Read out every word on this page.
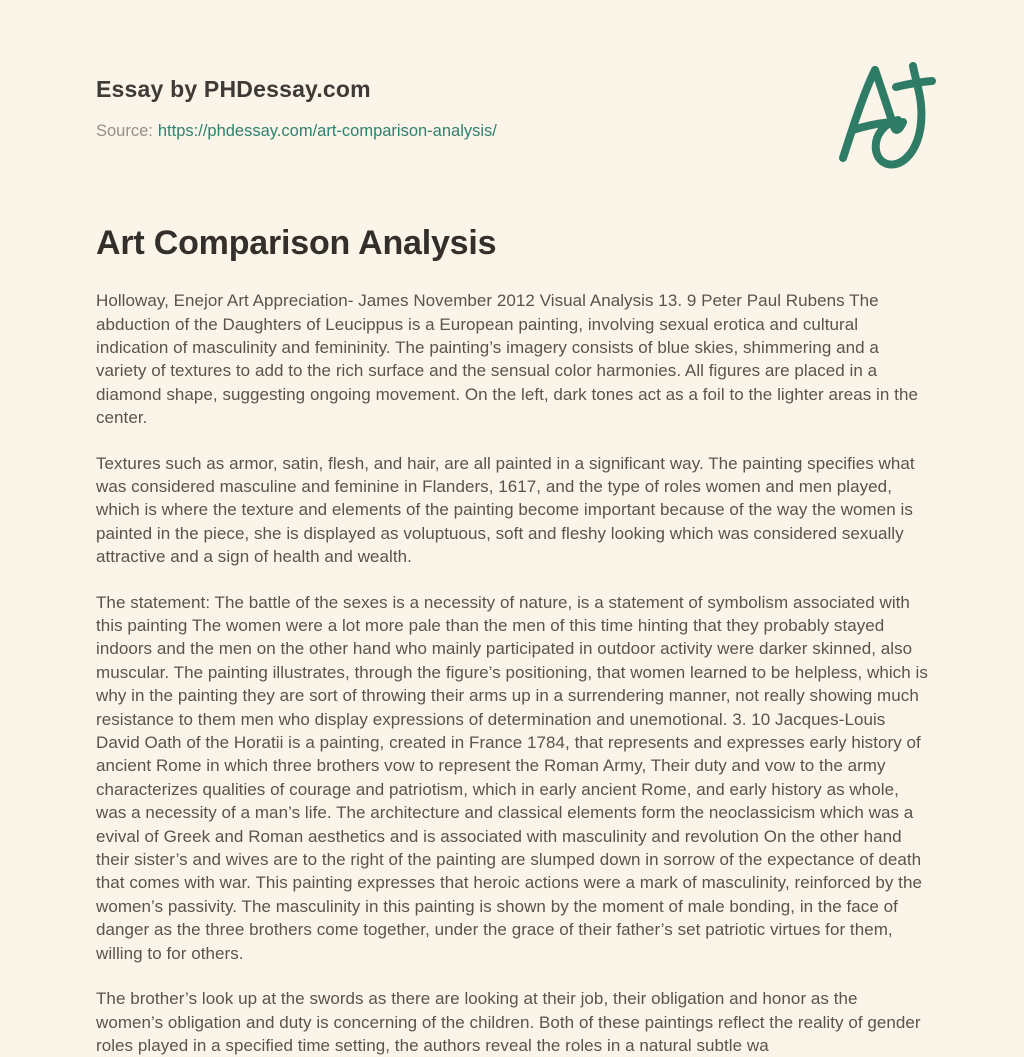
Essay by PHDessay.com
Source: https://phdessay.com/art-comparison-analysis/
Art Comparison Analysis

Holloway, Enejor Art Appreciation- James November 2012 Visual Analysis 13. 9 Peter Paul Rubens The abduction of the Daughters of Leucippus is a European painting, involving sexual erotica and cultural indication of masculinity and femininity. The painting’s imagery consists of blue skies, shimmering and a variety of textures to add to the rich surface and the sensual color harmonies. All figures are placed in a diamond shape, suggesting ongoing movement. On the left, dark tones act as a foil to the lighter areas in the center.

Textures such as armor, satin, flesh, and hair, are all painted in a significant way. The painting specifies what was considered masculine and feminine in Flanders, 1617, and the type of roles women and men played, which is where the texture and elements of the painting become important because of the way the women is painted in the piece, she is displayed as voluptuous, soft and fleshy looking which was considered sexually attractive and a sign of health and wealth.

The statement: The battle of the sexes is a necessity of nature, is a statement of symbolism associated with this painting The women were a lot more pale than the men of this time hinting that they probably stayed indoors and the men on the other hand who mainly participated in outdoor activity were darker skinned, also muscular. The painting illustrates, through the figure’s positioning, that women learned to be helpless, which is why in the painting they are sort of throwing their arms up in a surrendering manner, not really showing much resistance to them men who display expressions of determination and unemotional. 3. 10 Jacques-Louis David Oath of the Horatii is a painting, created in France 1784, that represents and expresses early history of ancient Rome in which three brothers vow to represent the Roman Army, Their duty and vow to the army characterizes qualities of courage and patriotism, which in early ancient Rome, and early history as whole, was a necessity of a man’s life. The architecture and classical elements form the neoclassicism which was a evival of Greek and Roman aesthetics and is associated with masculinity and revolution On the other hand their sister’s and wives are to the right of the painting are slumped down in sorrow of the expectance of death that comes with war. This painting expresses that heroic actions were a mark of masculinity, reinforced by the women’s passivity. The masculinity in this painting is shown by the moment of male bonding, in the face of danger as the three brothers come together, under the grace of their father’s set patriotic virtues for them, willing to for others.

The brother’s look up at the swords as there are looking at their job, their obligation and honor as the women’s obligation and duty is concerning of the children. Both of these paintings reflect the reality of gender roles played in a specified time setting, the authors reveal the roles in a natural subtle wa
